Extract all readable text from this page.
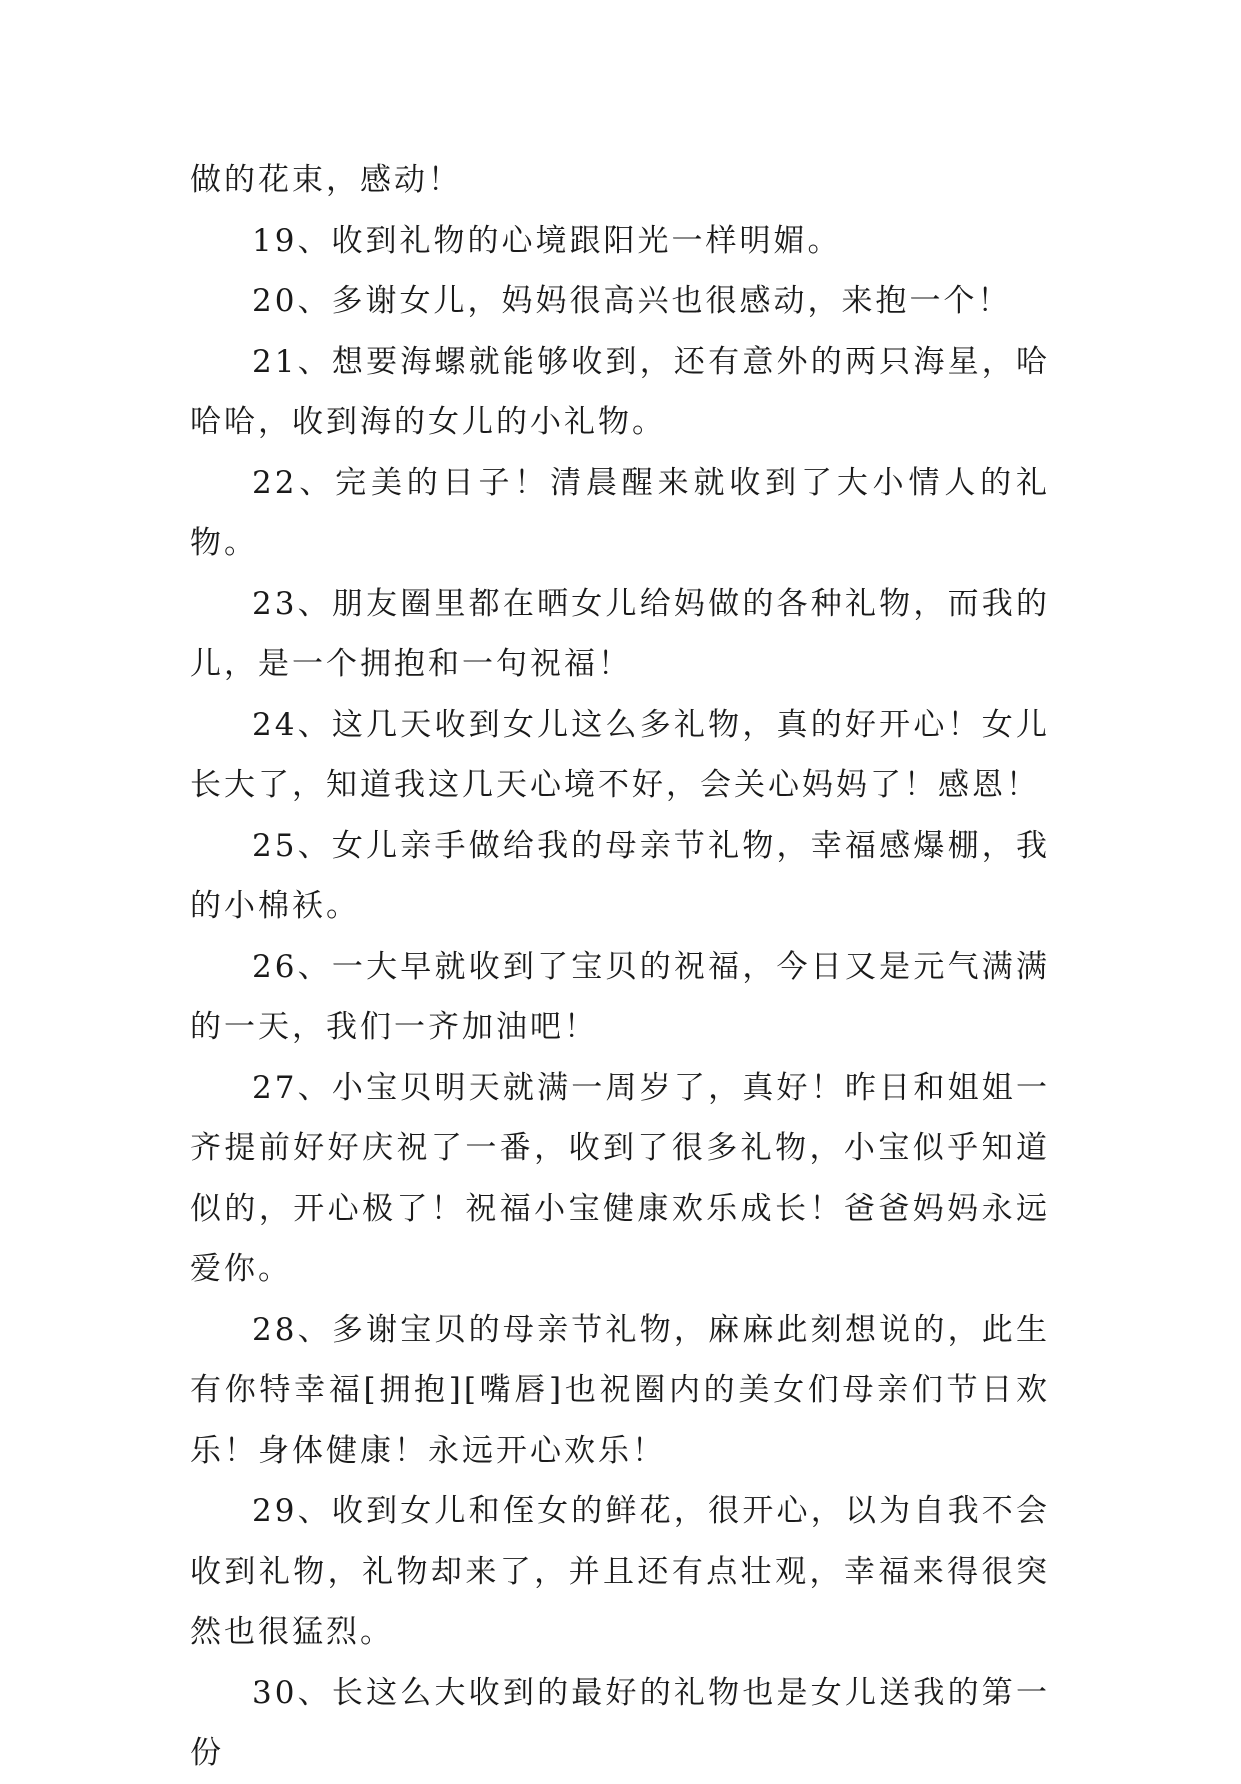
做的花束，感动！

19、收到礼物的心境跟阳光一样明媚。

20、多谢女儿，妈妈很高兴也很感动，来抱一个！

21、想要海螺就能够收到，还有意外的两只海星，哈哈哈，收到海的女儿的小礼物。

22、完美的日子！清晨醒来就收到了大小情人的礼物。

23、朋友圈里都在晒女儿给妈做的各种礼物，而我的儿，是一个拥抱和一句祝福！

24、这几天收到女儿这么多礼物，真的好开心！女儿长大了，知道我这几天心境不好，会关心妈妈了！感恩！

25、女儿亲手做给我的母亲节礼物，幸福感爆棚，我的小棉袄。

26、一大早就收到了宝贝的祝福，今日又是元气满满的一天，我们一齐加油吧！

27、小宝贝明天就满一周岁了，真好！昨日和姐姐一齐提前好好庆祝了一番，收到了很多礼物，小宝似乎知道似的，开心极了！祝福小宝健康欢乐成长！爸爸妈妈永远爱你。

28、多谢宝贝的母亲节礼物，麻麻此刻想说的，此生有你特幸福[拥抱][嘴唇]也祝圈内的美女们母亲们节日欢乐！身体健康！永远开心欢乐！

29、收到女儿和侄女的鲜花，很开心，以为自我不会收到礼物，礼物却来了，并且还有点壮观，幸福来得很突然也很猛烈。

30、长这么大收到的最好的礼物也是女儿送我的第一份
